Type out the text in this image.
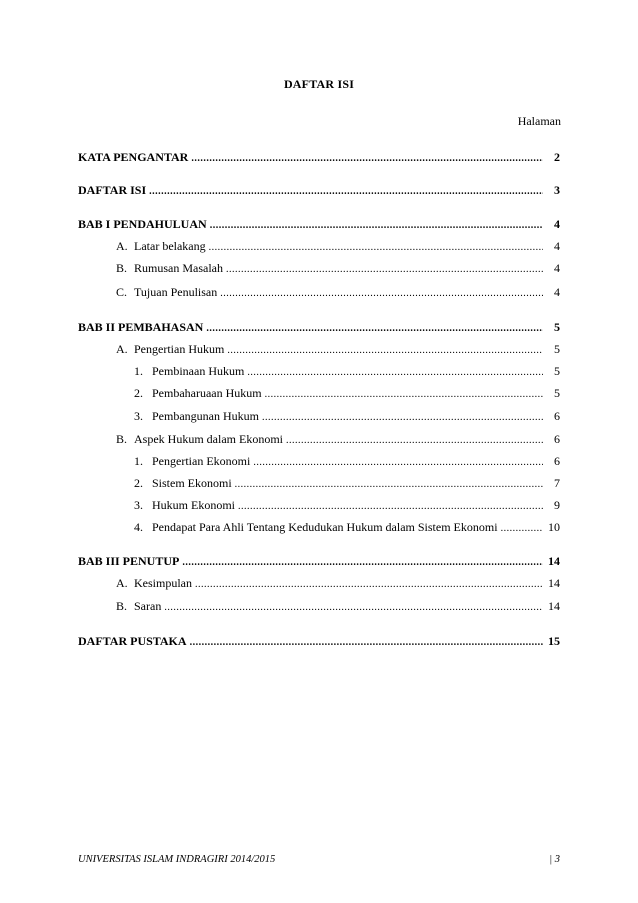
DAFTAR ISI
Halaman
KATA PENGANTAR .....	2
DAFTAR ISI .....	3
BAB I PENDAHULUAN .....	4
A. Latar belakang .....	4
B. Rumusan Masalah .....	4
C. Tujuan Penulisan .....	4
BAB II PEMBAHASAN .....	5
A. Pengertian Hukum .....	5
1. Pembinaan Hukum .....	5
2. Pembaharuaan Hukum .....	5
3. Pembangunan Hukum .....	6
B. Aspek Hukum dalam Ekonomi .....	6
1. Pengertian Ekonomi .....	6
2. Sistem Ekonomi .....	7
3. Hukum Ekonomi .....	9
4. Pendapat Para Ahli Tentang Kedudukan Hukum dalam Sistem Ekonomi .....	10
BAB III PENUTUP .....	14
A. Kesimpulan .....	14
B. Saran .....	14
DAFTAR PUSTAKA .....	15
UNIVERSITAS ISLAM INDRAGIRI 2014/2015	| 3
